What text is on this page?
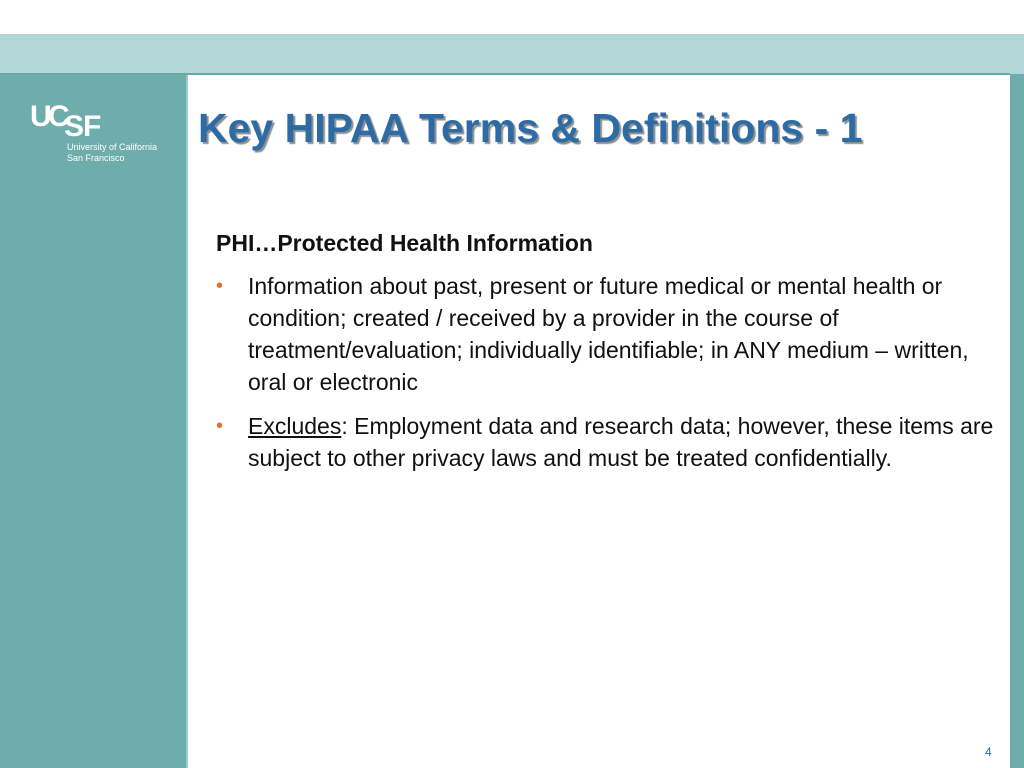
U
C
SF
University of California
San Francisco
Key HIPAA Terms & Definitions - 1

PHI…Protected Health Information

• Information about past, present or future medical or mental health or condition; created / received by a provider in the course of treatment/evaluation; individually identifiable; in ANY medium – written, oral or electronic
• Excludes: Employment data and research data; however, these items are subject to other privacy laws and must be treated confidentially.
4
